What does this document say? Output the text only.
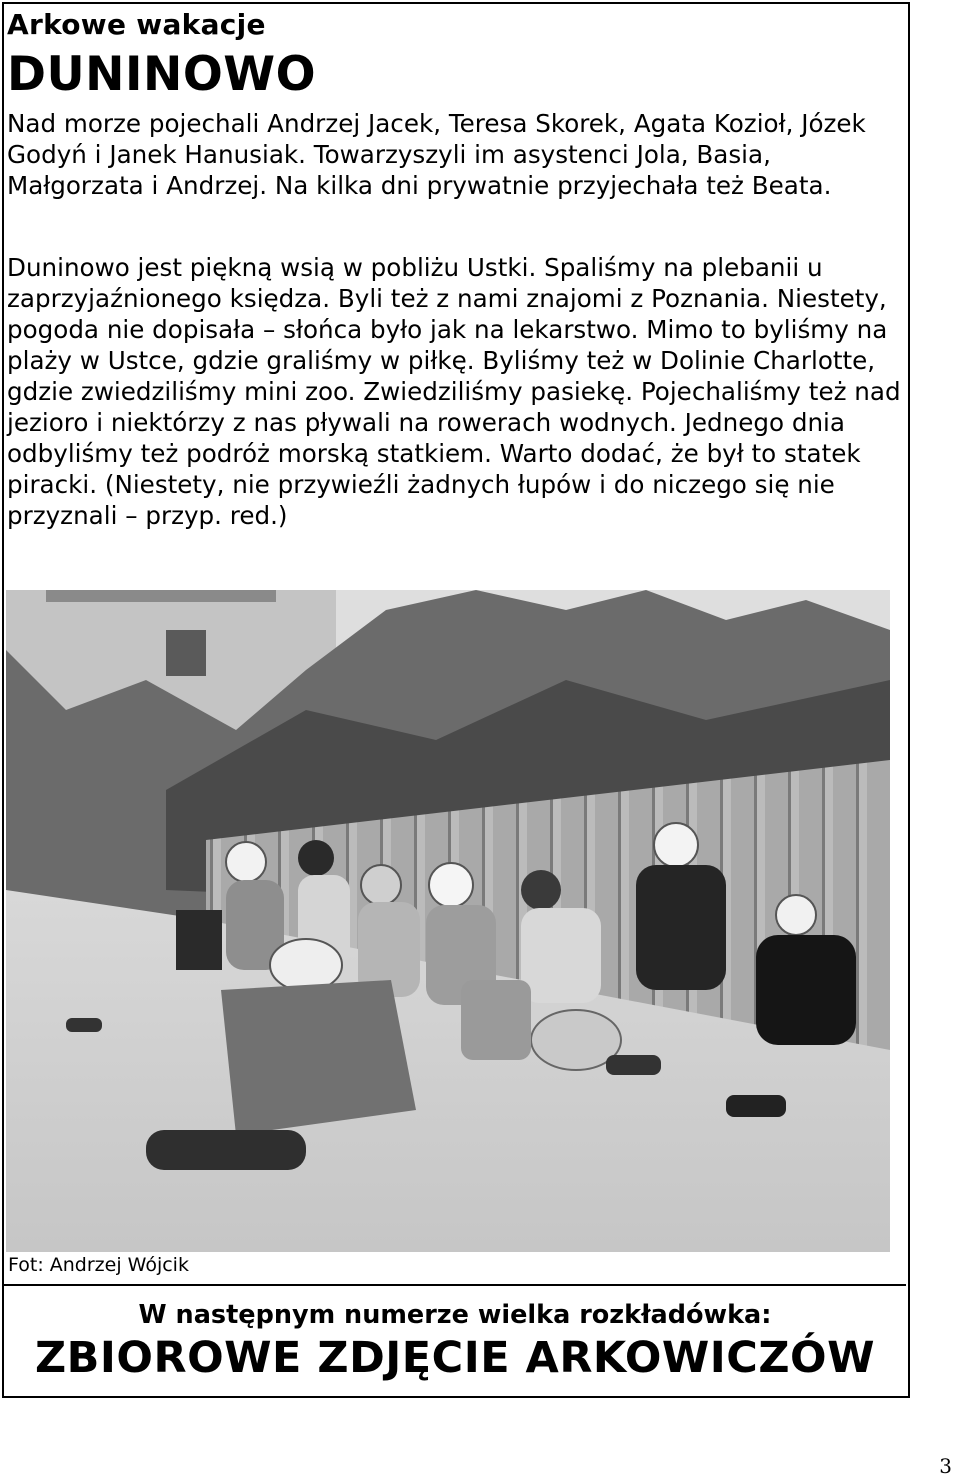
Arkowe wakacje
DUNINOWO

Nad morze pojechali Andrzej Jacek, Teresa Skorek, Agata Kozioł, Józek Godyń i Janek Hanusiak. Towarzyszyli im asystenci Jola, Basia, Małgorzata i Andrzej. Na kilka dni prywatnie przyjechała też Beata.

Duninowo jest piękną wsią w pobliżu Ustki. Spaliśmy na plebanii u zaprzyjaźnionego księdza. Byli też z nami znajomi z Poznania. Niestety, pogoda nie dopisała – słońca było jak na lekarstwo. Mimo to byliśmy na plaży w Ustce, gdzie graliśmy w piłkę. Byliśmy też w Dolinie Charlotte, gdzie zwiedziliśmy mini zoo. Zwiedziliśmy pasiekę. Pojechaliśmy też nad jezioro i niektórzy z nas pływali na rowerach wodnych. Jednego dnia odbyliśmy też podróż morską statkiem. Warto dodać, że był to statek piracki. (Niestety, nie przywieźli żadnych łupów i do niczego się nie przyznali – przyp. red.)

Fot: Andrzej Wójcik
W następnym numerze wielka rozkładówka:
ZBIOROWE ZDJĘCIE ARKOWICZÓW
3
